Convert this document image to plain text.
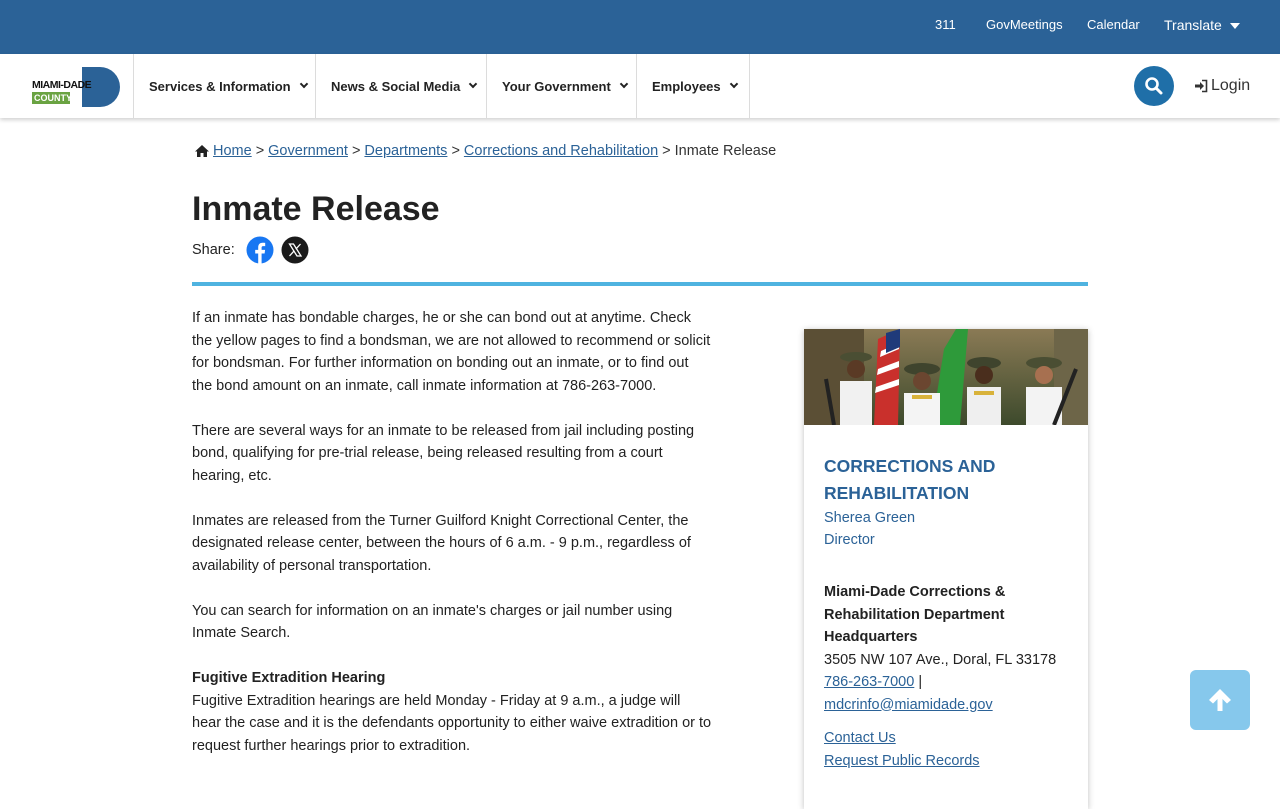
311 GovMeetings Calendar Translate
MIAMI-DADE
COUNTY
Services & Information	News & Social Media	Your Government	Employees	Login
Home > Government > Departments > Corrections and Rehabilitation > Inmate Release
Inmate Release
Share:

If an inmate has bondable charges, he or she can bond out at anytime. Check the yellow pages to find a bondsman, we are not allowed to recommend or solicit for bondsman. For further information on bonding out an inmate, or to find out the bond amount on an inmate, call inmate information at 786-263-7000.

There are several ways for an inmate to be released from jail including posting bond, qualifying for pre-trial release, being released resulting from a court hearing, etc.

Inmates are released from the Turner Guilford Knight Correctional Center, the designated release center, between the hours of 6 a.m. - 9 p.m., regardless of availability of personal transportation.

You can search for information on an inmate's charges or jail number using Inmate Search.

Fugitive Extradition Hearing

Fugitive Extradition hearings are held Monday - Friday at 9 a.m., a judge will hear the case and it is the defendants opportunity to either waive extradition or to request further hearings prior to extradition.

CORRECTIONS AND
REHABILITATION
Sherea Green
Director
Miami-Dade Corrections &
Rehabilitation Department
Headquarters
3505 NW 107 Ave., Doral, FL 33178
786-263-7000 |
mdcrinfo@miamidade.gov
Contact Us
Request Public Records
